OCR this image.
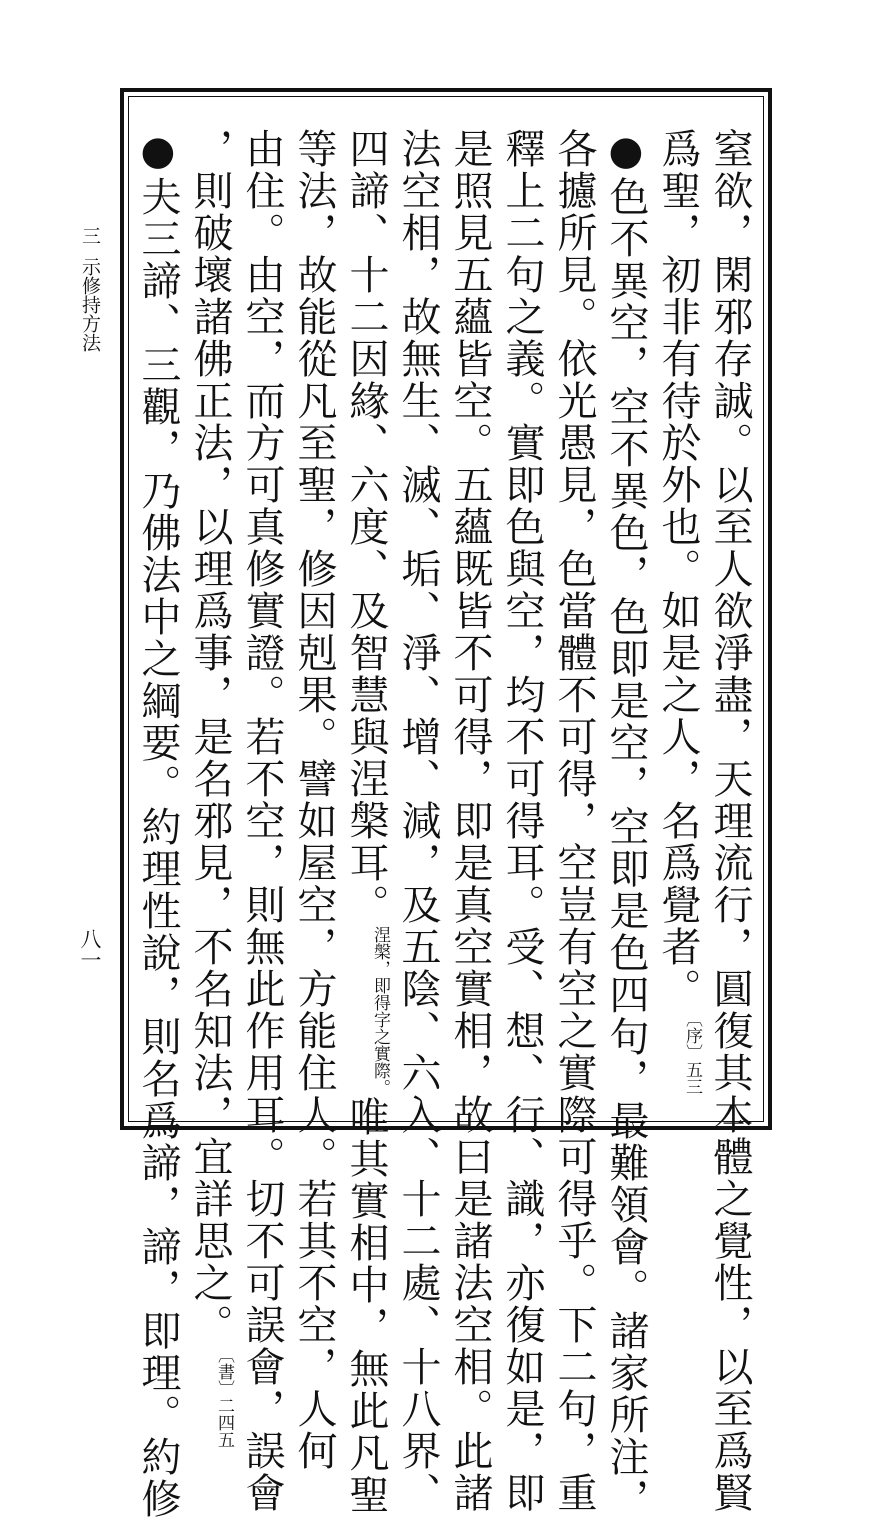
三示修持方法
八一	窒欲，閑邪存誠。以至人欲淨盡，天理流行，圓復其本體之覺性，以至爲賢
爲聖，初非有待於外也。如是之人，名爲覺者。〔序〕五三
●色不異空，空不異色，色即是空，空即是色四句，最難領會。諸家所注，
各攄所見。依光愚見，色當體不可得，空豈有空之實際可得乎。下二句，重
釋上二句之義。實即色與空，均不可得耳。受、想、行、識，亦復如是，即
是照見五蘊皆空。五蘊既皆不可得，即是真空實相，故曰是諸法空相。此諸
法空相，故無生、滅、垢、淨、增、減，及五陰、六入、十二處、十八界、
四諦、十二因緣、六度、及智慧與涅槃耳。涅槃，即得字之實際。唯其實相中，無此凡聖
等法，故能從凡至聖，修因剋果。譬如屋空，方能住人。若其不空，人何
由住。由空，而方可真修實證。若不空，則無此作用耳。切不可誤會，誤會
，則破壞諸佛正法，以理爲事，是名邪見，不名知法，宜詳思之。〔書〕二四五
●夫三諦、三觀，乃佛法中之綱要。約理性說，則名爲諦，諦，即理。約修
